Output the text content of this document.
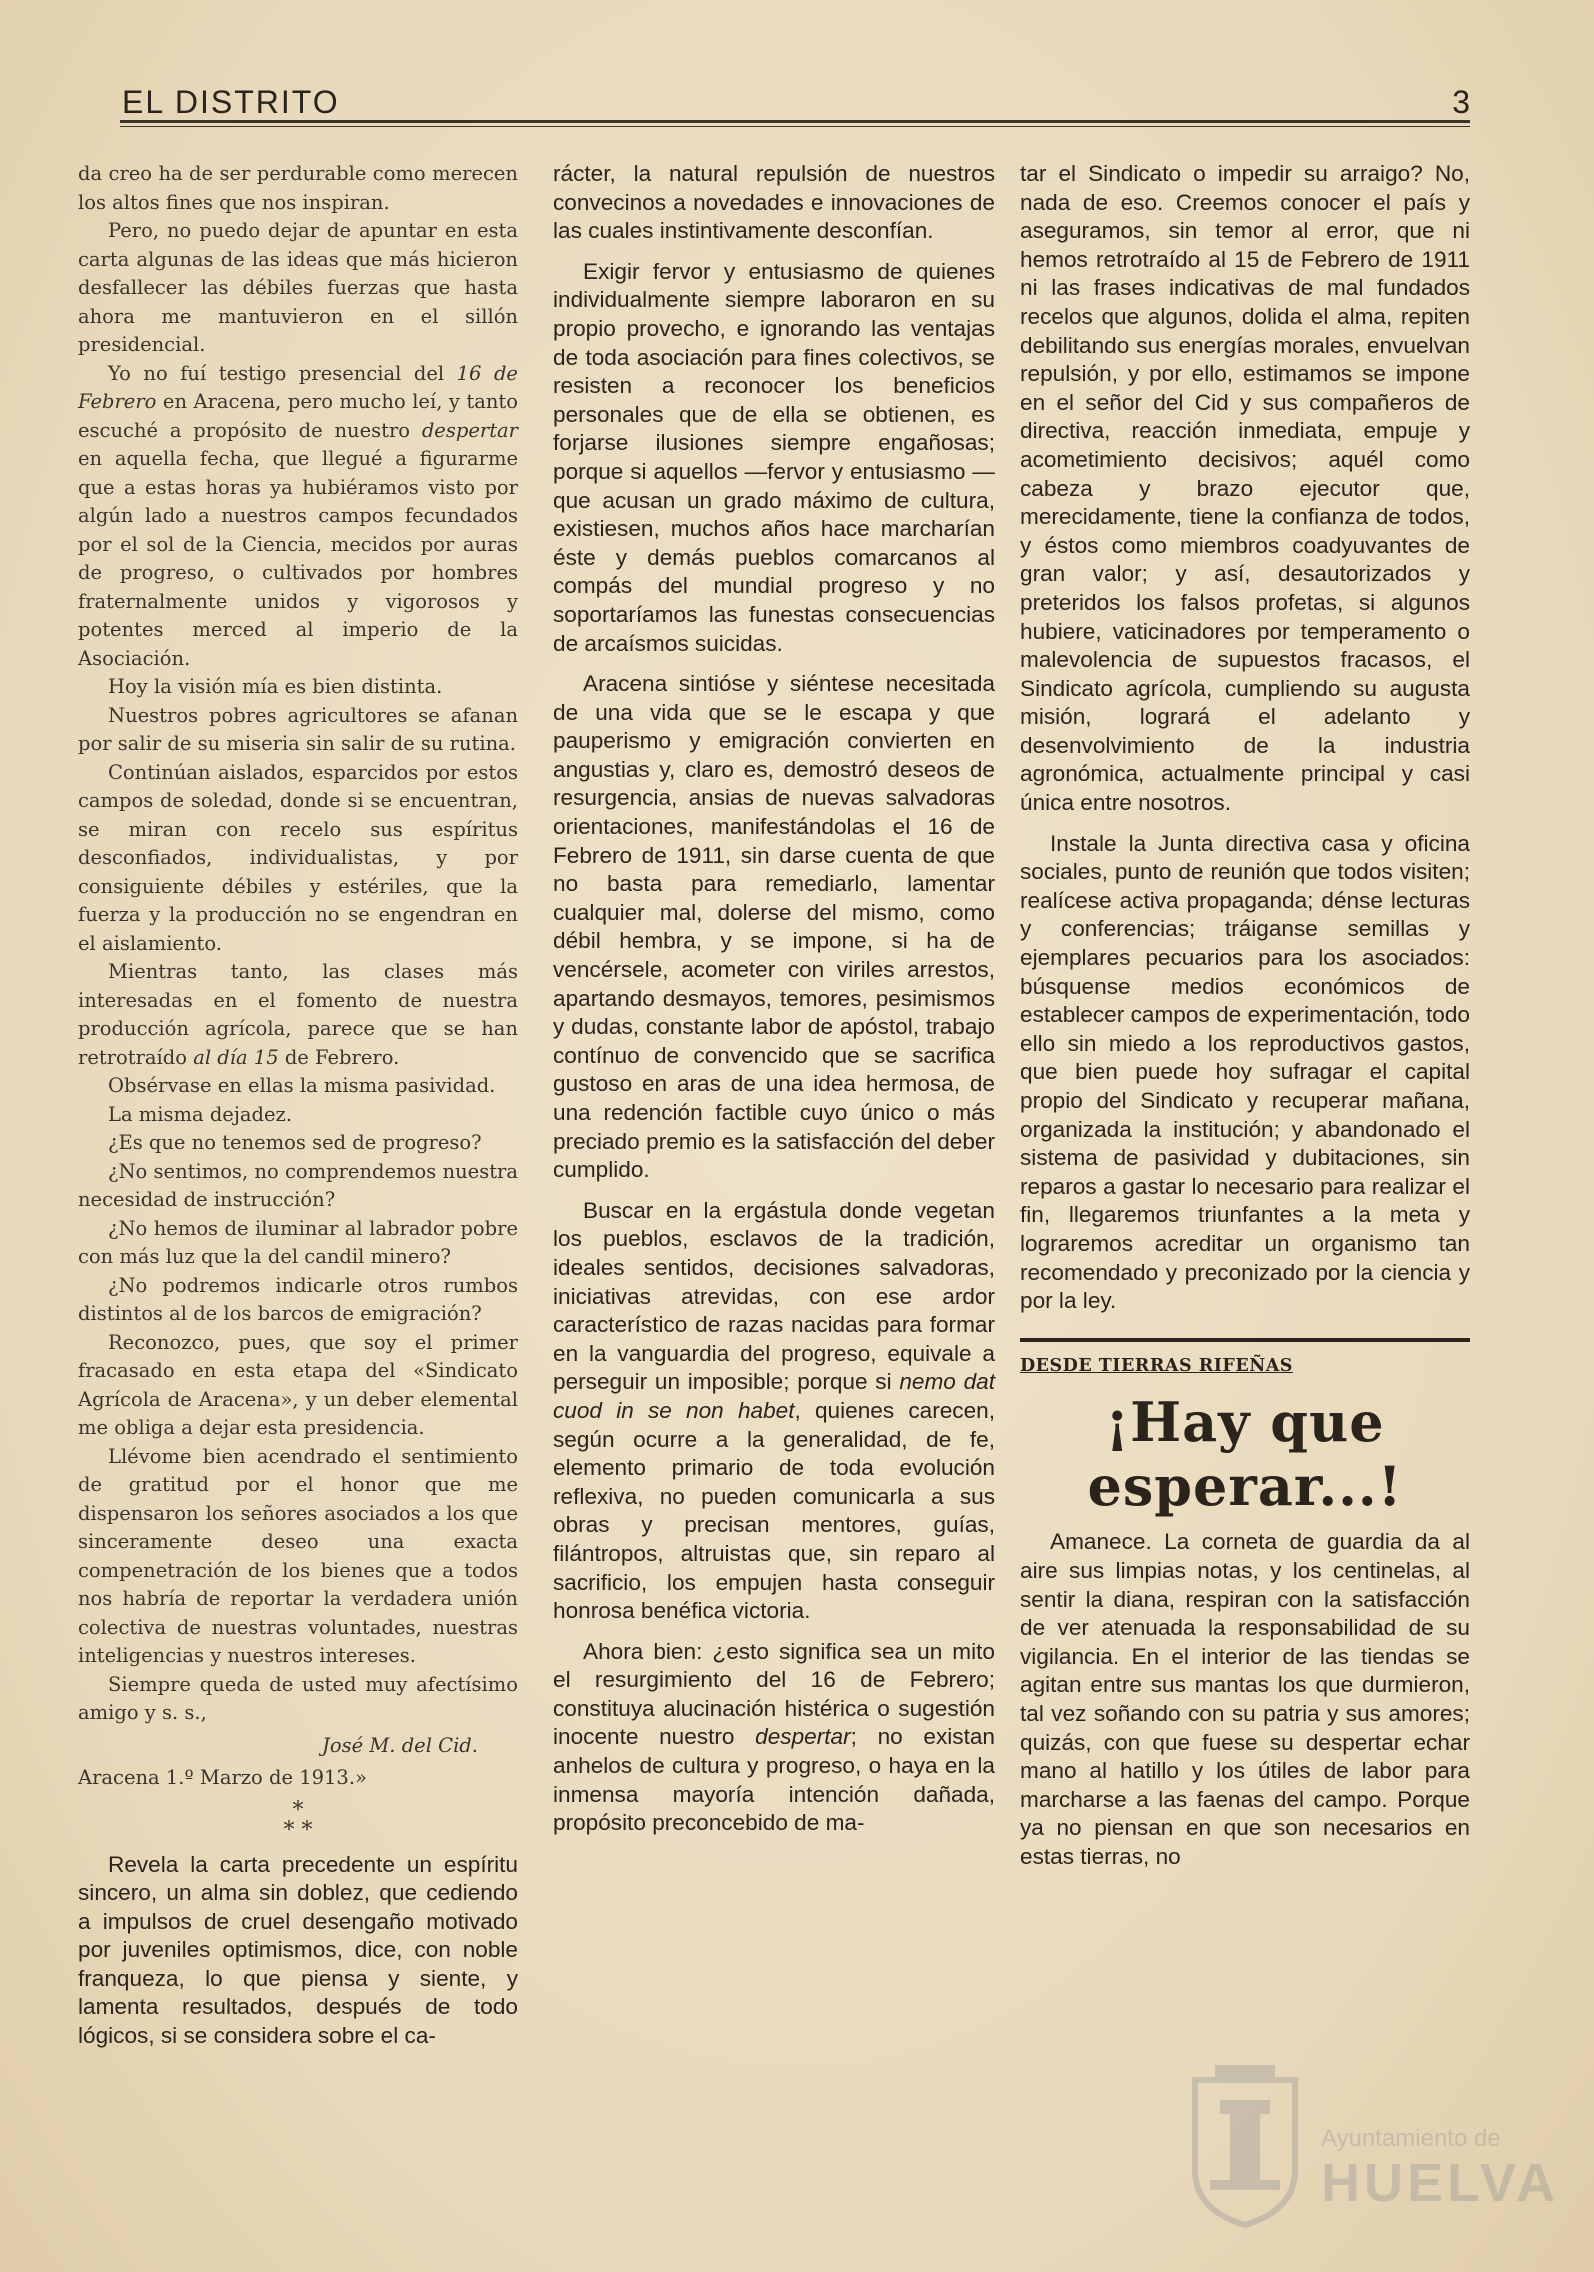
EL DISTRITO	3

da creo ha de ser perdurable como merecen los altos fines que nos inspiran.

Pero, no puedo dejar de apuntar en esta carta algunas de las ideas que más hicieron desfallecer las débiles fuerzas que hasta ahora me mantuvieron en el sillón presidencial.

Yo no fuí testigo presencial del 16 de Febrero en Aracena, pero mucho leí, y tanto escuché a propósito de nuestro despertar en aquella fecha, que llegué a figurarme que a estas horas ya hubiéramos visto por algún lado a nuestros campos fecundados por el sol de la Ciencia, mecidos por auras de progreso, o cultivados por hombres fraternalmente unidos y vigorosos y potentes merced al imperio de la Asociación.

Hoy la visión mía es bien distinta.

Nuestros pobres agricultores se afanan por salir de su miseria sin salir de su rutina.

Continúan aislados, esparcidos por estos campos de soledad, donde si se encuentran, se miran con recelo sus espíritus desconfiados, individualistas, y por consiguiente débiles y estériles, que la fuerza y la producción no se engendran en el aislamiento.

Mientras tanto, las clases más interesadas en el fomento de nuestra producción agrícola, parece que se han retrotraído al día 15 de Febrero.

Obsérvase en ellas la misma pasividad.

La misma dejadez.

¿Es que no tenemos sed de progreso?

¿No sentimos, no comprendemos nuestra necesidad de instrucción?

¿No hemos de iluminar al labrador pobre con más luz que la del candil minero?

¿No podremos indicarle otros rumbos distintos al de los barcos de emigración?

Reconozco, pues, que soy el primer fracasado en esta etapa del «Sindicato Agrícola de Aracena», y un deber elemental me obliga a dejar esta presidencia.

Llévome bien acendrado el sentimiento de gratitud por el honor que me dispensaron los señores asociados a los que sinceramente deseo una exacta compenetración de los bienes que a todos nos habría de reportar la verdadera unión colectiva de nuestras voluntades, nuestras inteligencias y nuestros intereses.

Siempre queda de usted muy afectísimo amigo y s. s.,

José M. del Cid.

Aracena 1.º Marzo de 1913.»

*
* *

Revela la carta precedente un espíritu sincero, un alma sin doblez, que cediendo a impulsos de cruel desengaño motivado por juveniles optimismos, dice, con noble franqueza, lo que piensa y siente, y lamenta resultados, después de todo lógicos, si se considera sobre el ca-

rácter, la natural repulsión de nuestros convecinos a novedades e innovaciones de las cuales instintivamente desconfían.

Exigir fervor y entusiasmo de quienes individualmente siempre laboraron en su propio provecho, e ignorando las ventajas de toda asociación para fines colectivos, se resisten a reconocer los beneficios personales que de ella se obtienen, es forjarse ilusiones siempre engañosas; porque si aquellos —fervor y entusiasmo — que acusan un grado máximo de cultura, existiesen, muchos años hace marcharían éste y demás pueblos comarcanos al compás del mundial progreso y no soportaríamos las funestas consecuencias de arcaísmos suicidas.

Aracena sintióse y siéntese necesitada de una vida que se le escapa y que pauperismo y emigración convierten en angustias y, claro es, demostró deseos de resurgencia, ansias de nuevas salvadoras orientaciones, manifestándolas el 16 de Febrero de 1911, sin darse cuenta de que no basta para remediarlo, lamentar cualquier mal, dolerse del mismo, como débil hembra, y se impone, si ha de vencérsele, acometer con viriles arrestos, apartando desmayos, temores, pesimismos y dudas, constante labor de apóstol, trabajo contínuo de convencido que se sacrifica gustoso en aras de una idea hermosa, de una redención factible cuyo único o más preciado premio es la satisfacción del deber cumplido.

Buscar en la ergástula donde vegetan los pueblos, esclavos de la tradición, ideales sentidos, decisiones salvadoras, iniciativas atrevidas, con ese ardor característico de razas nacidas para formar en la vanguardia del progreso, equivale a perseguir un imposible; porque si nemo dat cuod in se non habet, quienes carecen, según ocurre a la generalidad, de fe, elemento primario de toda evolución reflexiva, no pueden comunicarla a sus obras y precisan mentores, guías, filántropos, altruistas que, sin reparo al sacrificio, los empujen hasta conseguir honrosa benéfica victoria.

Ahora bien: ¿esto significa sea un mito el resurgimiento del 16 de Febrero; constituya alucinación histérica o sugestión inocente nuestro despertar; no existan anhelos de cultura y progreso, o haya en la inmensa mayoría intención dañada, propósito preconcebido de ma-

tar el Sindicato o impedir su arraigo? No, nada de eso. Creemos conocer el país y aseguramos, sin temor al error, que ni hemos retrotraído al 15 de Febrero de 1911 ni las frases indicativas de mal fundados recelos que algunos, dolida el alma, repiten debilitando sus energías morales, envuelvan repulsión, y por ello, estimamos se impone en el señor del Cid y sus compañeros de directiva, reacción inmediata, empuje y acometimiento decisivos; aquél como cabeza y brazo ejecutor que, merecidamente, tiene la confianza de todos, y éstos como miembros coadyuvantes de gran valor; y así, desautorizados y preteridos los falsos profetas, si algunos hubiere, vaticinadores por temperamento o malevolencia de supuestos fracasos, el Sindicato agrícola, cumpliendo su augusta misión, logrará el adelanto y desenvolvimiento de la industria agronómica, actualmente principal y casi única entre nosotros.

Instale la Junta directiva casa y oficina sociales, punto de reunión que todos visiten; realícese activa propaganda; dénse lecturas y conferencias; tráiganse semillas y ejemplares pecuarios para los asociados: búsquense medios económicos de establecer campos de experimentación, todo ello sin miedo a los reproductivos gastos, que bien puede hoy sufragar el capital propio del Sindicato y recuperar mañana, organizada la institución; y abandonado el sistema de pasividad y dubitaciones, sin reparos a gastar lo necesario para realizar el fin, llegaremos triunfantes a la meta y lograremos acreditar un organismo tan recomendado y preconizado por la ciencia y por la ley.

DESDE TIERRAS RIFEÑAS

¡Hay que esperar...!

Amanece. La corneta de guardia da al aire sus limpias notas, y los centinelas, al sentir la diana, respiran con la satisfacción de ver atenuada la responsabilidad de su vigilancia. En el interior de las tiendas se agitan entre sus mantas los que durmieron, tal vez soñando con su patria y sus amores; quizás, con que fuese su despertar echar mano al hatillo y los útiles de labor para marcharse a las faenas del campo. Porque ya no piensan en que son necesarios en estas tierras, no

Ayuntamiento de
HUELVA
